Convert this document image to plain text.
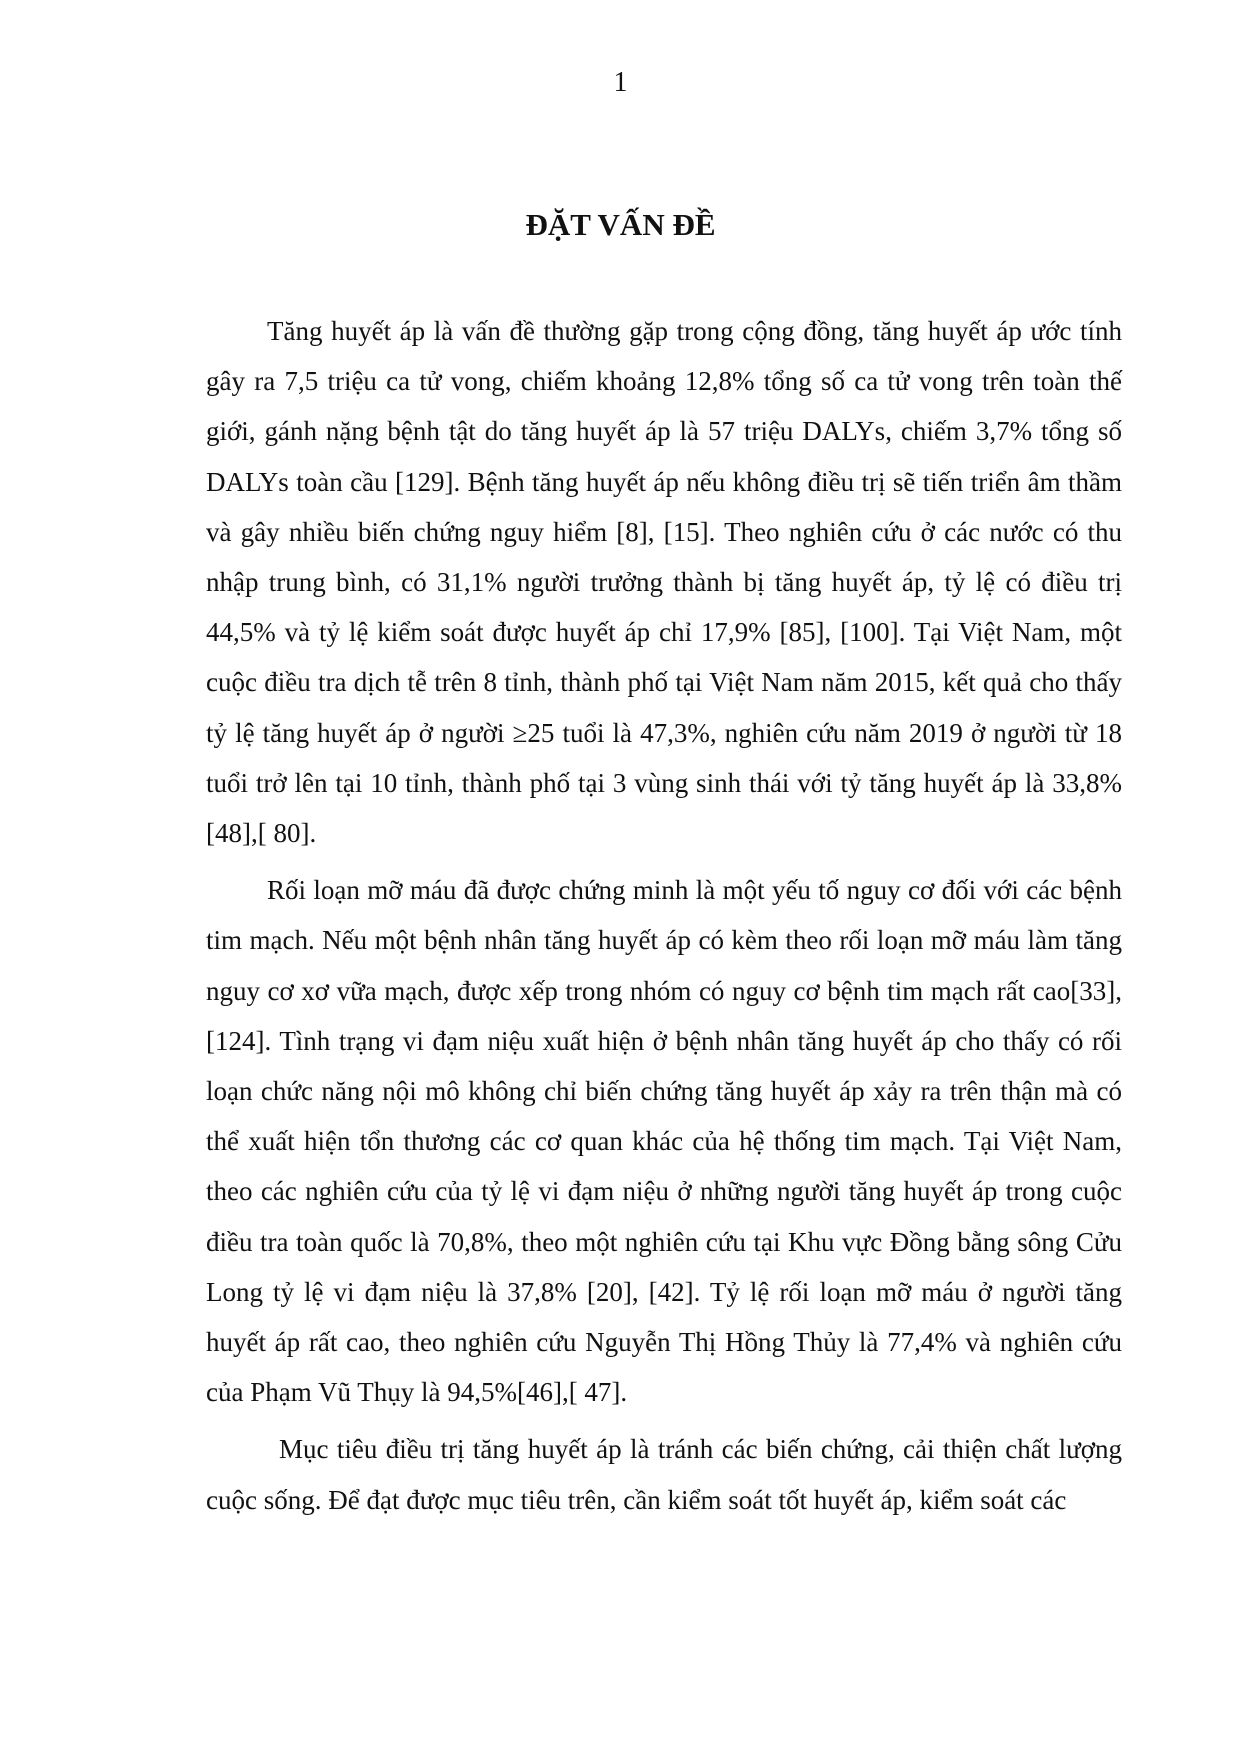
1
ĐẶT VẤN ĐỀ

Tăng huyết áp là vấn đề thường gặp trong cộng đồng, tăng huyết áp ước tính gây ra 7,5 triệu ca tử vong, chiếm khoảng 12,8% tổng số ca tử vong trên toàn thế giới, gánh nặng bệnh tật do tăng huyết áp là 57 triệu DALYs, chiếm 3,7% tổng số DALYs toàn cầu [129]. Bệnh tăng huyết áp nếu không điều trị sẽ tiến triển âm thầm và gây nhiều biến chứng nguy hiểm [8], [15]. Theo nghiên cứu ở các nước có thu nhập trung bình, có 31,1% người trưởng thành bị tăng huyết áp, tỷ lệ có điều trị 44,5% và tỷ lệ kiểm soát được huyết áp chỉ 17,9% [85], [100]. Tại Việt Nam, một cuộc điều tra dịch tễ trên 8 tỉnh, thành phố tại Việt Nam năm 2015, kết quả cho thấy tỷ lệ tăng huyết áp ở người ≥25 tuổi là 47,3%, nghiên cứu năm 2019 ở người từ 18 tuổi trở lên tại 10 tỉnh, thành phố tại 3 vùng sinh thái với tỷ tăng huyết áp là 33,8% [48],[ 80].

Rối loạn mỡ máu đã được chứng minh là một yếu tố nguy cơ đối với các bệnh tim mạch. Nếu một bệnh nhân tăng huyết áp có kèm theo rối loạn mỡ máu làm tăng nguy cơ xơ vữa mạch, được xếp trong nhóm có nguy cơ bệnh tim mạch rất cao[33], [124]. Tình trạng vi đạm niệu xuất hiện ở bệnh nhân tăng huyết áp cho thấy có rối loạn chức năng nội mô không chỉ biến chứng tăng huyết áp xảy ra trên thận mà có thể xuất hiện tổn thương các cơ quan khác của hệ thống tim mạch. Tại Việt Nam, theo các nghiên cứu của tỷ lệ vi đạm niệu ở những người tăng huyết áp trong cuộc điều tra toàn quốc là 70,8%, theo một nghiên cứu tại Khu vực Đồng bằng sông Cửu Long tỷ lệ vi đạm niệu là 37,8% [20], [42]. Tỷ lệ rối loạn mỡ máu ở người tăng huyết áp rất cao, theo nghiên cứu Nguyễn Thị Hồng Thủy là 77,4% và nghiên cứu của Phạm Vũ Thụy là 94,5%[46],[ 47].

Mục tiêu điều trị tăng huyết áp là tránh các biến chứng, cải thiện chất lượng cuộc sống. Để đạt được mục tiêu trên, cần kiểm soát tốt huyết áp, kiểm soát các
